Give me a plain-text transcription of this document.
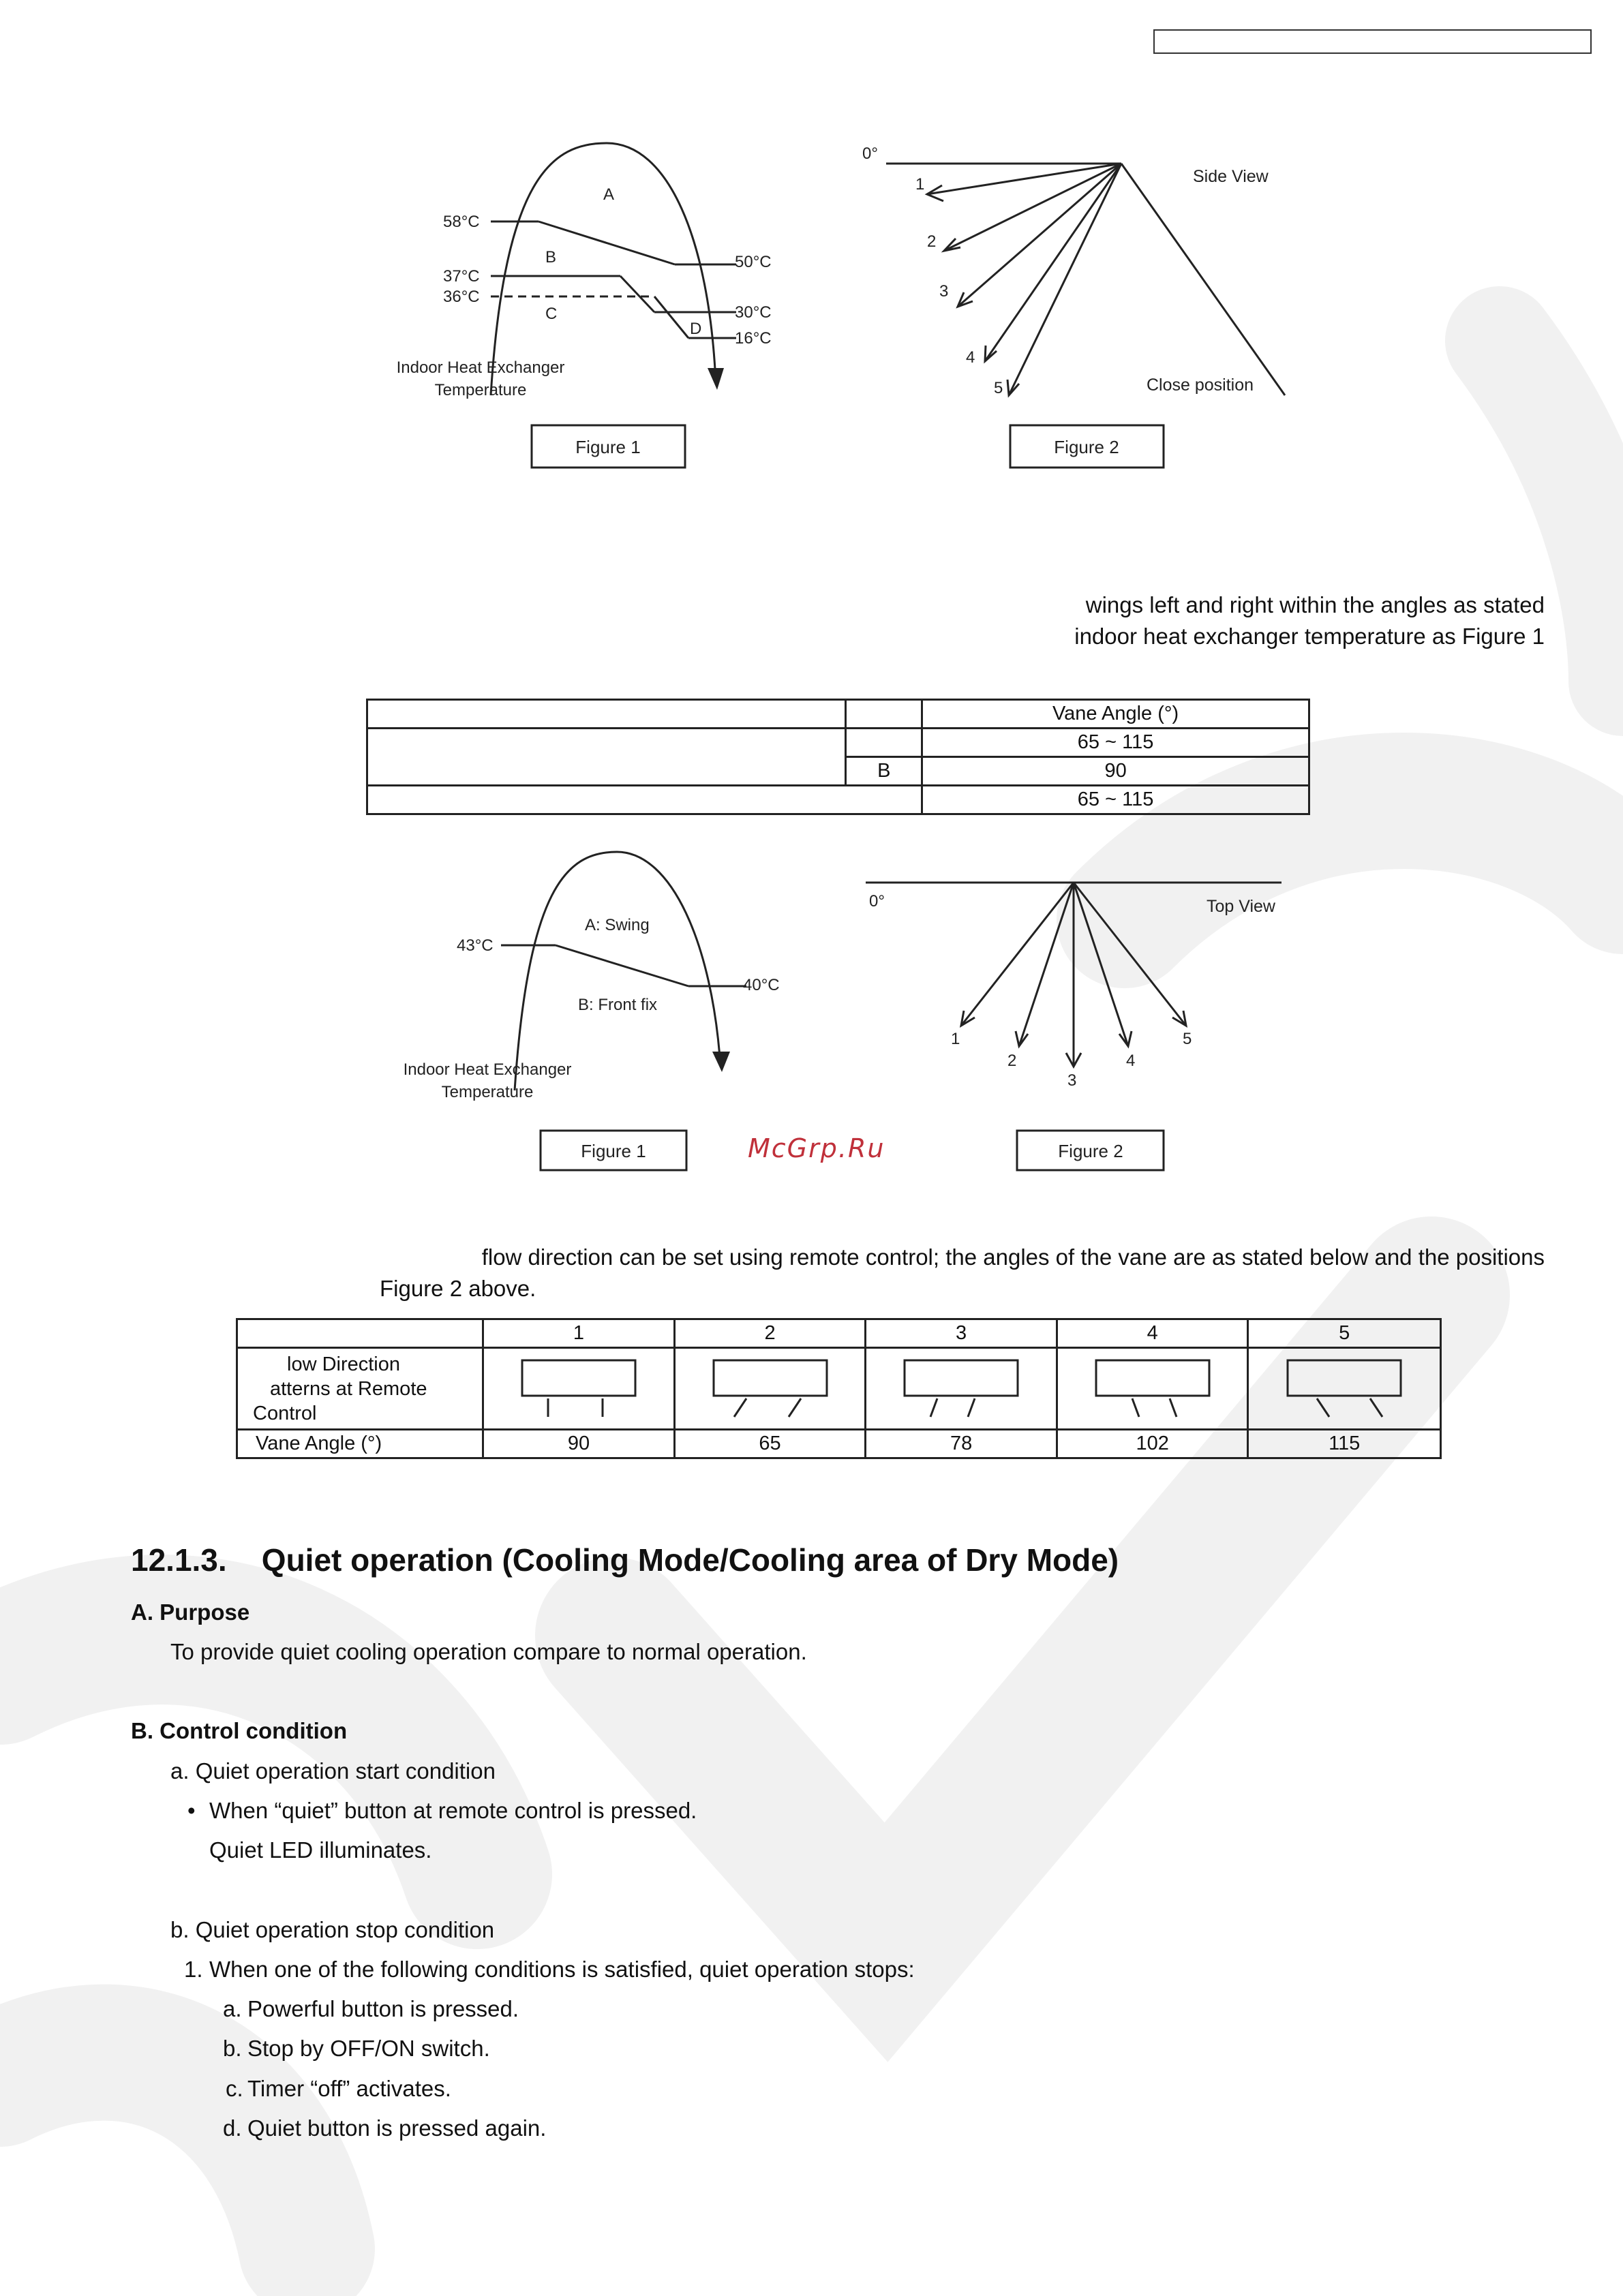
A
B
C
D
58°C
37°C
36°C
50°C
30°C
16°C
Indoor Heat Exchanger
Temperature
Figure 1
0°
Side View
Close position
1
2
3
4
5
Figure 2
wings left and right within the angles as stated
indoor heat exchanger temperature as Figure 1
		Vane Angle (°)
		65 ~ 115
	B	90
		65 ~ 115
A: Swing
B: Front fix
43°C
40°C
Indoor Heat Exchanger
Temperature
Figure 1
0°	Top View
1
2
3
4
5
Figure 2
McGrp.Ru
flow direction can be set using remote control; the angles of the vane are as stated below and the positions
Figure 2 above.
	1	2	3	4	5

low Direction
atterns at Remote
Control

Vane Angle (°)	90	65	78	102	115
12.1.3.    Quiet operation (Cooling Mode/Cooling area of Dry Mode)
A. Purpose
To provide quiet cooling operation compare to normal operation.
B. Control condition
a. Quiet operation start condition
• When “quiet” button at remote control is pressed.
Quiet LED illuminates.
b. Quiet operation stop condition
1. When one of the following conditions is satisfied, quiet operation stops:
a. Powerful button is pressed.
b. Stop by OFF/ON switch.
c. Timer “off” activates.
d. Quiet button is pressed again.
